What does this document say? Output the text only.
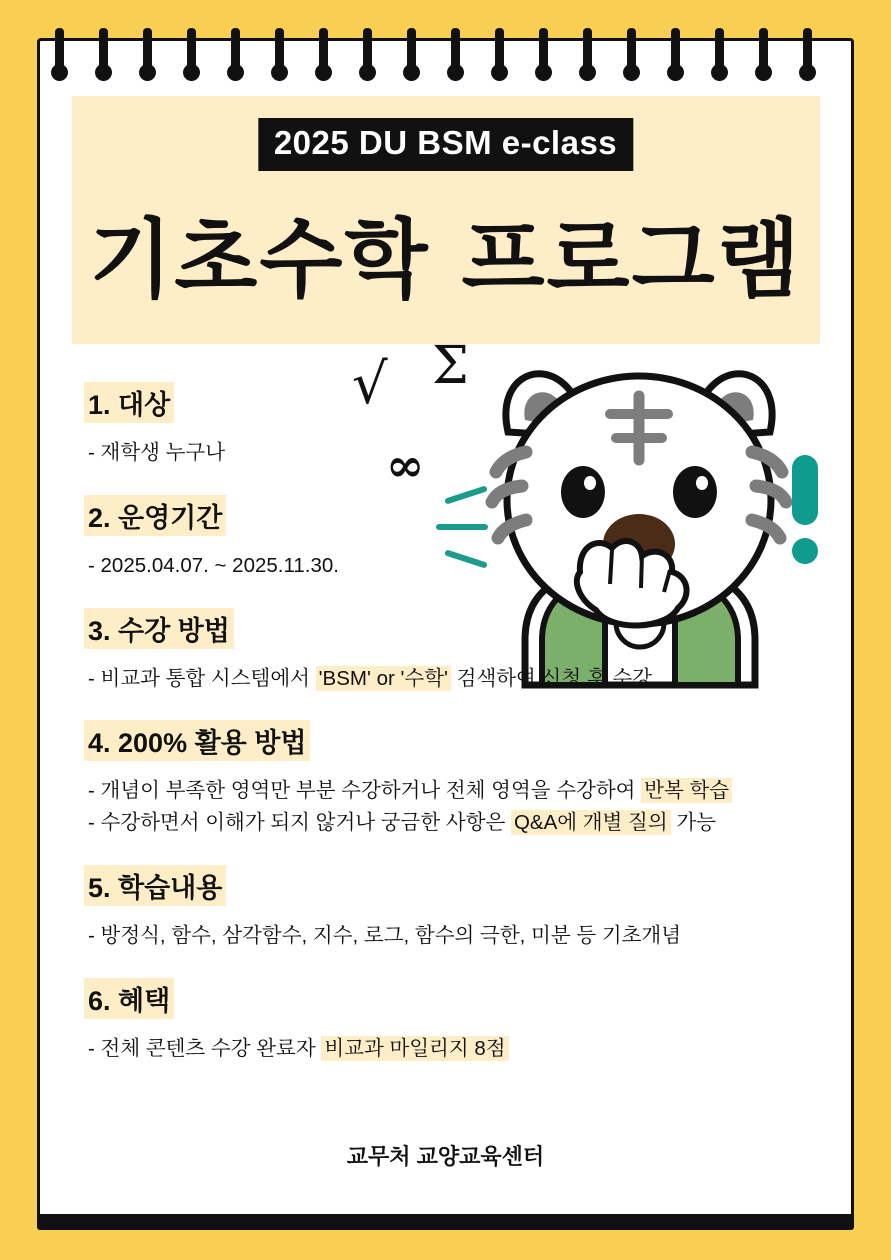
2025 DU BSM e-class
기초수학 프로그램
√ Σ
∞
1. 대상
- 재학생 누구나
2. 운영기간
- 2025.04.07. ~ 2025.11.30.
3. 수강 방법
- 비교과 통합 시스템에서 'BSM' or '수학' 검색하여 신청 후 수강
4. 200% 활용 방법
- 개념이 부족한 영역만 부분 수강하거나 전체 영역을 수강하여 반복 학습
- 수강하면서 이해가 되지 않거나 궁금한 사항은 Q&A에 개별 질의 가능
5. 학습내용
- 방정식, 함수, 삼각함수, 지수, 로그, 함수의 극한, 미분 등 기초개념
6. 혜택
- 전체 콘텐츠 수강 완료자 비교과 마일리지 8점
교무처 교양교육센터
